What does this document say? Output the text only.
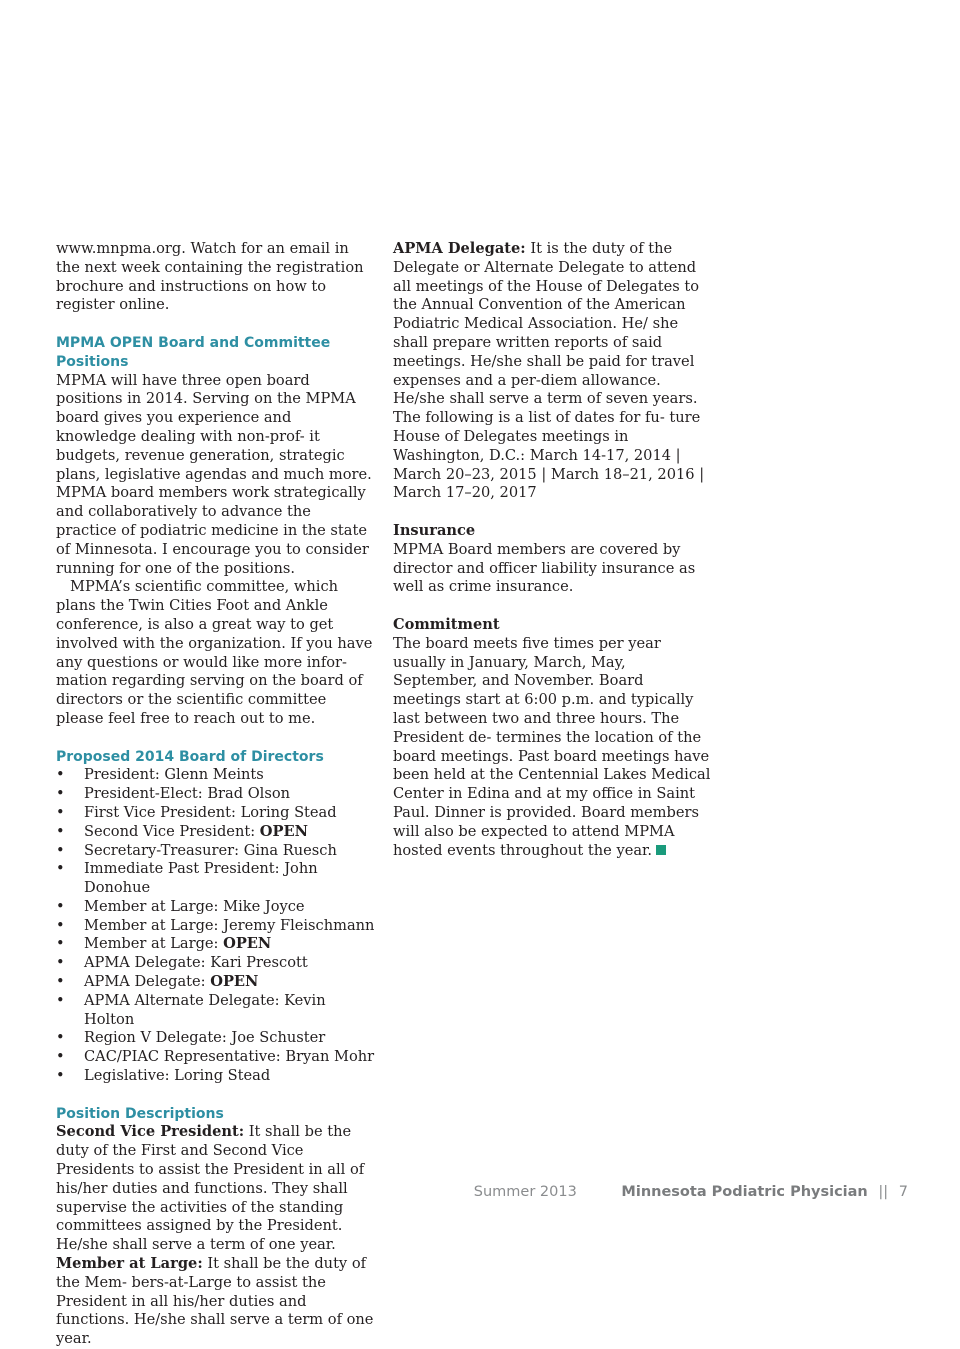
www.mnpma.org. Watch for an email in the next week containing the registration brochure and instructions on how to register online.

MPMA OPEN Board and Committee Positions

MPMA will have three open board positions in 2014. Serving on the MPMA board gives you experience and knowledge dealing with non-prof- it budgets, revenue generation, strategic plans, legislative agendas and much more. MPMA board members work strategically and collaboratively to advance the practice of podiatric medicine in the state of Minnesota. I encourage you to consider running for one of the positions.

MPMA’s scientific committee, which plans the Twin Cities Foot and Ankle conference, is also a great way to get involved with the organization. If you have any questions or would like more infor- mation regarding serving on the board of directors or the scientific committee please feel free to reach out to me.

Proposed 2014 Board of Directors
• President: Glenn Meints
• President-Elect: Brad Olson
• First Vice President: Loring Stead
• Second Vice President: OPEN
• Secretary-Treasurer: Gina Ruesch
• Immediate Past President: John Donohue
• Member at Large: Mike Joyce
• Member at Large: Jeremy Fleischmann
• Member at Large: OPEN
• APMA Delegate: Kari Prescott
• APMA Delegate: OPEN
• APMA Alternate Delegate: Kevin Holton
• Region V Delegate: Joe Schuster
• CAC/PIAC Representative: Bryan Mohr
• Legislative: Loring Stead
Position Descriptions

Second Vice President: It shall be the duty of the First and Second Vice Presidents to assist the President in all of his/her duties and functions. They shall supervise the activities of the standing committees assigned by the President. He/she shall serve a term of one year.

Member at Large: It shall be the duty of the Mem- bers-at-Large to assist the President in all his/her duties and functions. He/she shall serve a term of one year.

APMA Delegate: It is the duty of the Delegate or Alternate Delegate to attend all meetings of the House of Delegates to the Annual Convention of the American Podiatric Medical Association. He/ she shall prepare written reports of said meetings. He/she shall be paid for travel expenses and a per-diem allowance. He/she shall serve a term of seven years. The following is a list of dates for fu- ture House of Delegates meetings in Washington, D.C.: March 14-17, 2014 | March 20–23, 2015 | March 18–21, 2016 | March 17–20, 2017

Insurance

MPMA Board members are covered by director and officer liability insurance as well as crime insurance.

Commitment

The board meets five times per year usually in January, March, May, September, and November. Board meetings start at 6:00 p.m. and typically last between two and three hours. The President de- termines the location of the board meetings. Past board meetings have been held at the Centennial Lakes Medical Center in Edina and at my office in Saint Paul. Dinner is provided. Board members will also be expected to attend MPMA hosted events throughout the year.

Summer 2013	Minnesota Podiatric Physician || 7
